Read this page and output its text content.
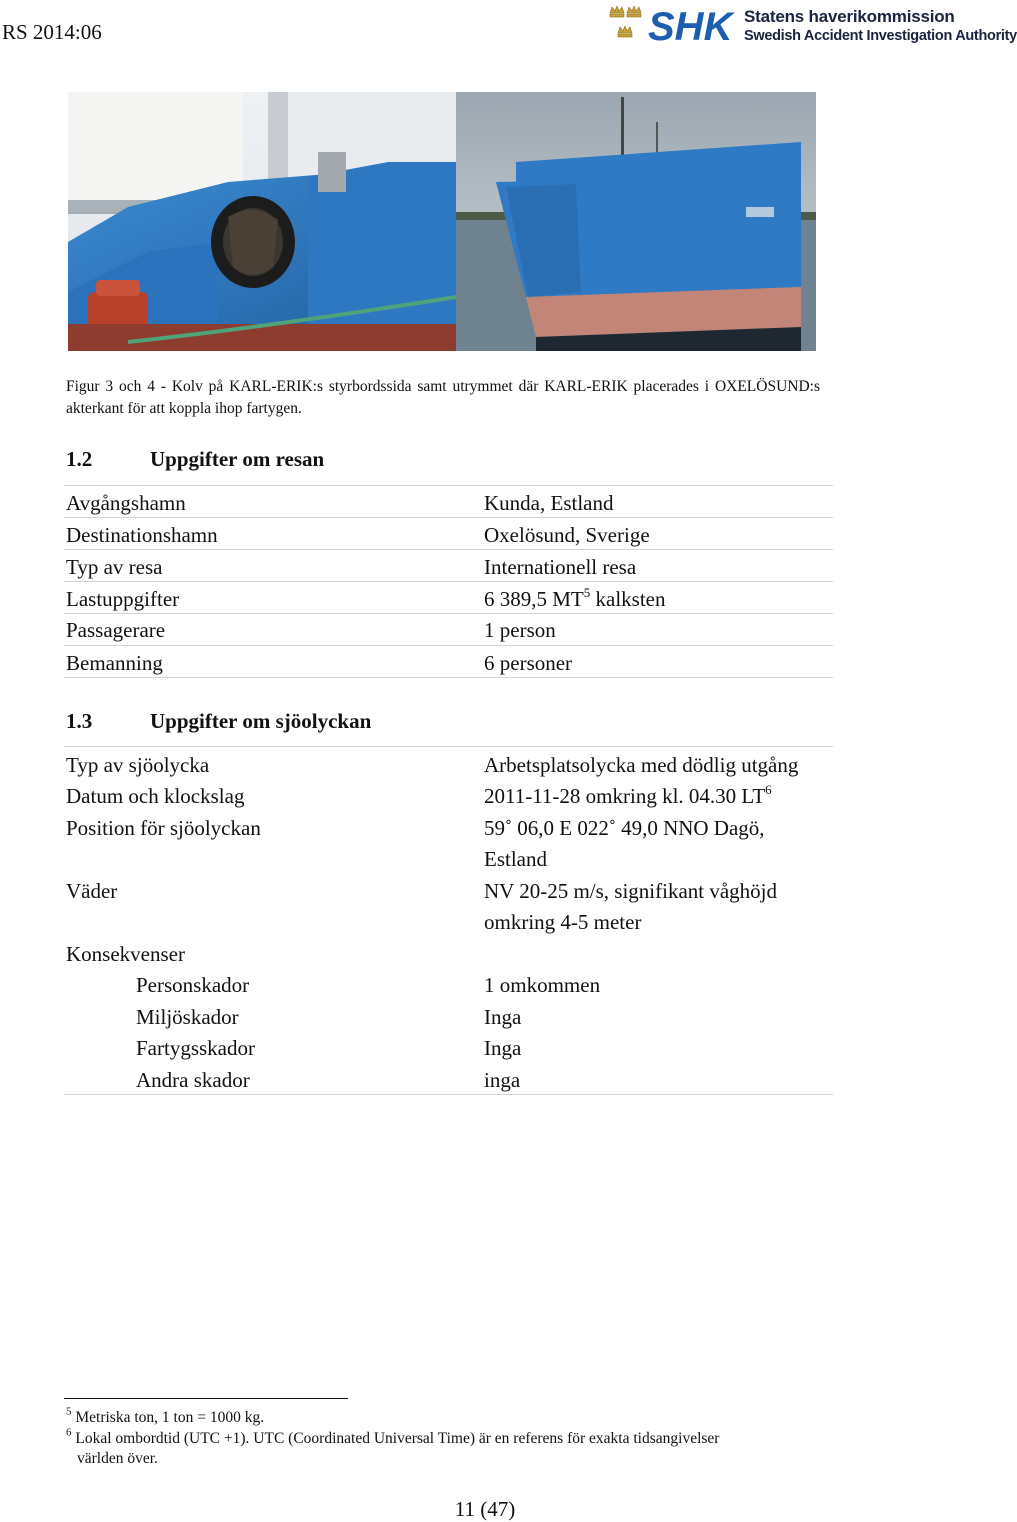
RS 2014:06	SHK Statens haverikommission
Swedish Accident Investigation Authority
Figur 3 och 4 - Kolv på KARL-ERIK:s styrbordssida samt utrymmet där KARL-ERIK placerades i OXELÖSUND:s akterkant för att koppla ihop fartygen.
1.2	Uppgifter om resan
Avgångshamn	Kunda, Estland
Destinationshamn	Oxelösund, Sverige
Typ av resa	Internationell resa
Lastuppgifter	6 389,5 $MT^5$ kalksten
Passagerare	1 person
Bemanning	6 personer
1.3	Uppgifter om sjöolyckan
Typ av sjöolycka	Arbetsplatsolycka med dödlig utgång
Datum och klockslag	2011-11-28 omkring kl. 04.30 $LT^6$
Position för sjöolyckan	59˚ 06,0 E 022˚ 49,0 NNO Dagö,
Estland
Väder	NV 20-25 m/s, signifikant våghöjd
omkring 4-5 meter
Konsekvenser
Personskador	1 omkommen
Miljöskador	Inga
Fartygsskador	Inga
Andra skador	inga
$^5$ Metriska ton, 1 ton = 1000 kg.
$^6$ Lokal ombordtid (UTC +1). UTC (Coordinated Universal Time) är en referens för exakta tidsangivelser
världen över.
11 (47)
